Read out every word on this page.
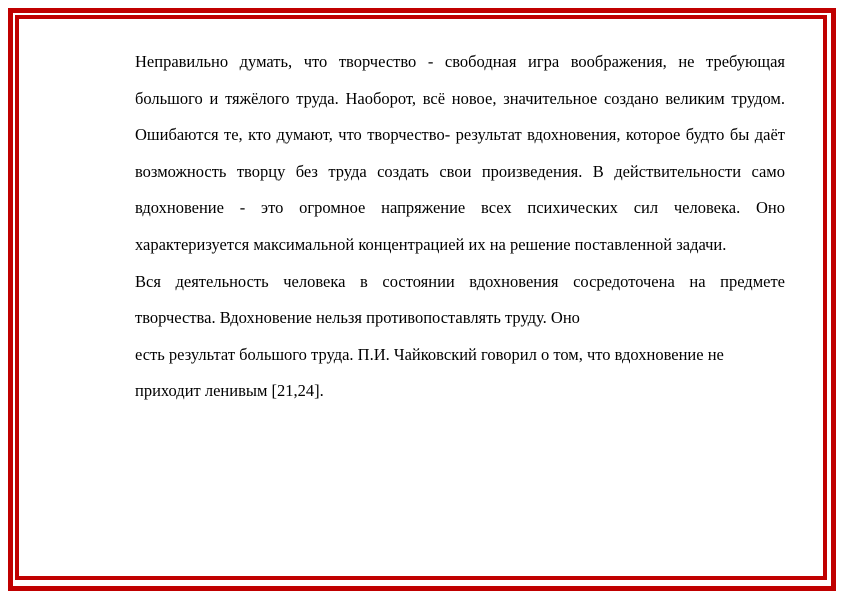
Неправильно думать, что творчество - свободная игра воображения, не требующая большого и тяжёлого труда. Наоборот, всё новое, значительное создано великим трудом. Ошибаются те, кто думают, что творчество- результат вдохновения, которое будто бы даёт возможность творцу без труда создать свои произведения. В действительности само вдохновение - это огромное напряжение всех психических сил человека. Оно характеризуется максимальной концентрацией их на решение поставленной задачи.

Вся деятельность человека в состоянии вдохновения сосредоточена на предмете творчества. Вдохновение нельзя противопоставлять труду. Оно

есть результат большого труда. П.И. Чайковский говорил о том, что вдохновение не приходит ленивым [21,24].
